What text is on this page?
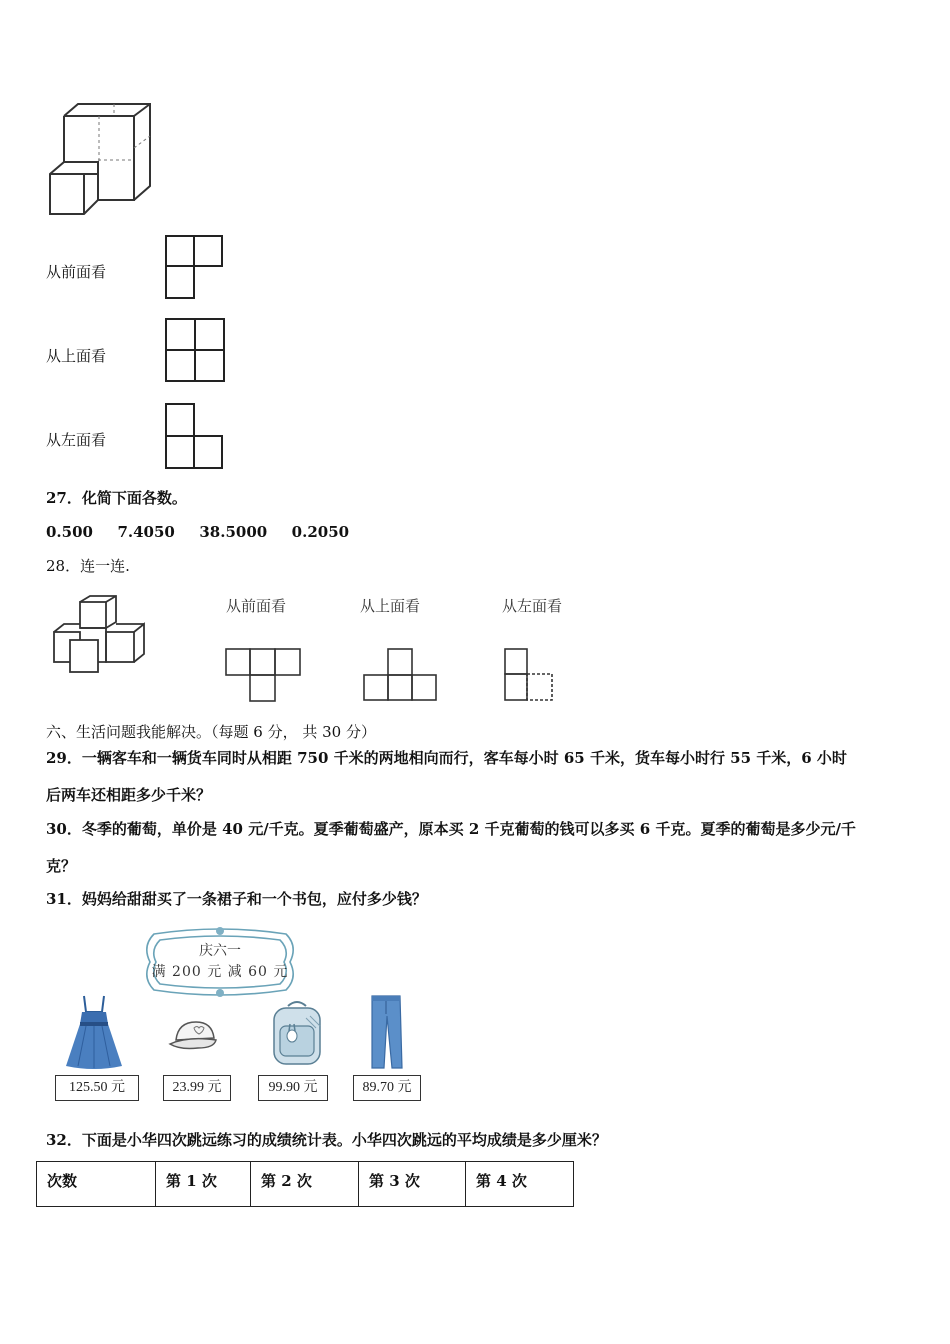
从前面看
从上面看
从左面看
27．化简下面各数。
0.500 7.4050 38.5000 0.2050
28．连一连.
从前面看	从上面看	从左面看
六、生活问题我能解决。（每题 6 分， 共 30 分）
29．一辆客车和一辆货车同时从相距 750 千米的两地相向而行，客车每小时 65 千米，货车每小时行 55 千米，6 小时
后两车还相距多少千米？
30．冬季的葡萄，单价是 40 元/千克。夏季葡萄盛产，原本买 2 千克葡萄的钱可以多买 6 千克。夏季的葡萄是多少元/千
克？
31．妈妈给甜甜买了一条裙子和一个书包，应付多少钱？
庆六一
满 200 元 减 60 元
125.50 元	23.99 元	99.90 元	89.70 元
32．下面是小华四次跳远练习的成绩统计表。小华四次跳远的平均成绩是多少厘米？
次数	第 1 次	第 2 次	第 3 次	第 4 次
